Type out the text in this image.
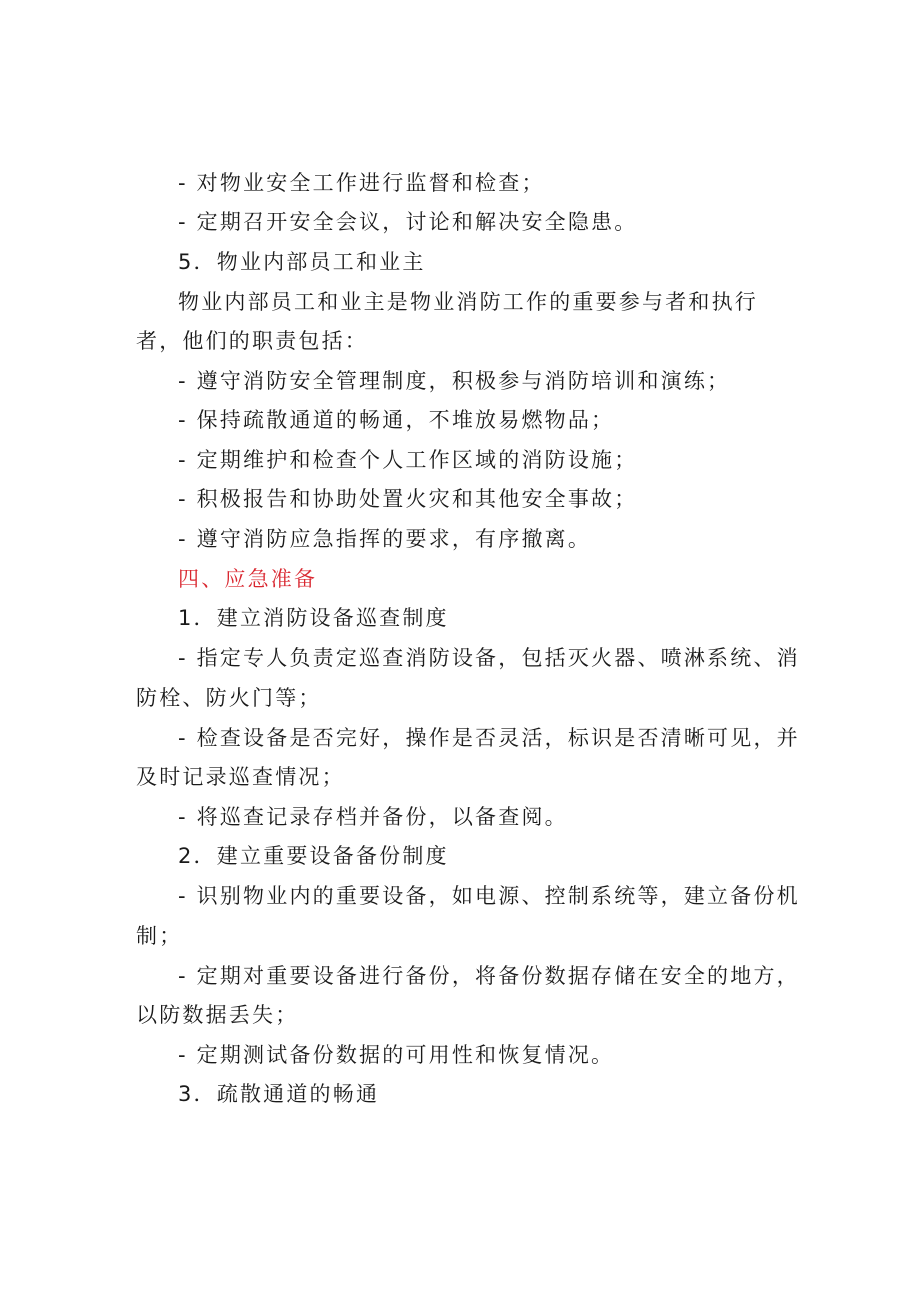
- 对物业安全工作进行监督和检查；
- 定期召开安全会议，讨论和解决安全隐患。
5．物业内部员工和业主
物业内部员工和业主是物业消防工作的重要参与者和执行
者，他们的职责包括：
- 遵守消防安全管理制度，积极参与消防培训和演练；
- 保持疏散通道的畅通，不堆放易燃物品；
- 定期维护和检查个人工作区域的消防设施；
- 积极报告和协助处置火灾和其他安全事故；
- 遵守消防应急指挥的要求，有序撤离。
四、应急准备
1．建立消防设备巡查制度
- 指定专人负责定巡查消防设备，包括灭火器、喷淋系统、消
防栓、防火门等；
- 检查设备是否完好，操作是否灵活，标识是否清晰可见，并
及时记录巡查情况；
- 将巡查记录存档并备份，以备查阅。
2．建立重要设备备份制度
- 识别物业内的重要设备，如电源、控制系统等，建立备份机
制；
- 定期对重要设备进行备份，将备份数据存储在安全的地方，
以防数据丢失；
- 定期测试备份数据的可用性和恢复情况。
3．疏散通道的畅通
